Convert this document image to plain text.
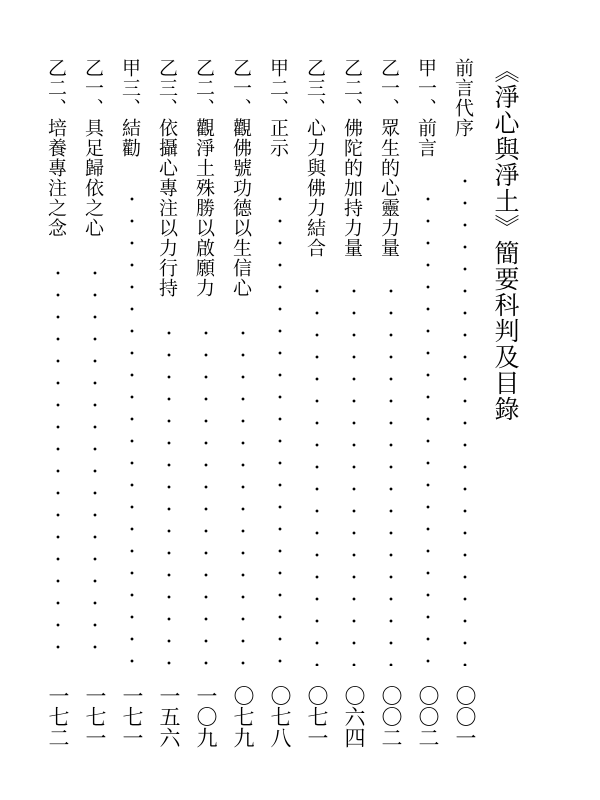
《淨心與淨土》簡要科判及目錄
前言代序
〇〇一
甲一、前言
〇〇二
乙一、眾生的心靈力量
〇〇二
乙二、佛陀的加持力量
〇六四
乙三、心力與佛力結合
〇七一
甲二、正示
〇七八
乙一、觀佛號功德以生信心
〇七九
乙二、觀淨土殊勝以啟願力
一〇九
乙三、依攝心專注以力行持
一五六
甲三、結勸
一七一
乙一、具足歸依之心
一七一
乙二、培養專注之念
一七二
